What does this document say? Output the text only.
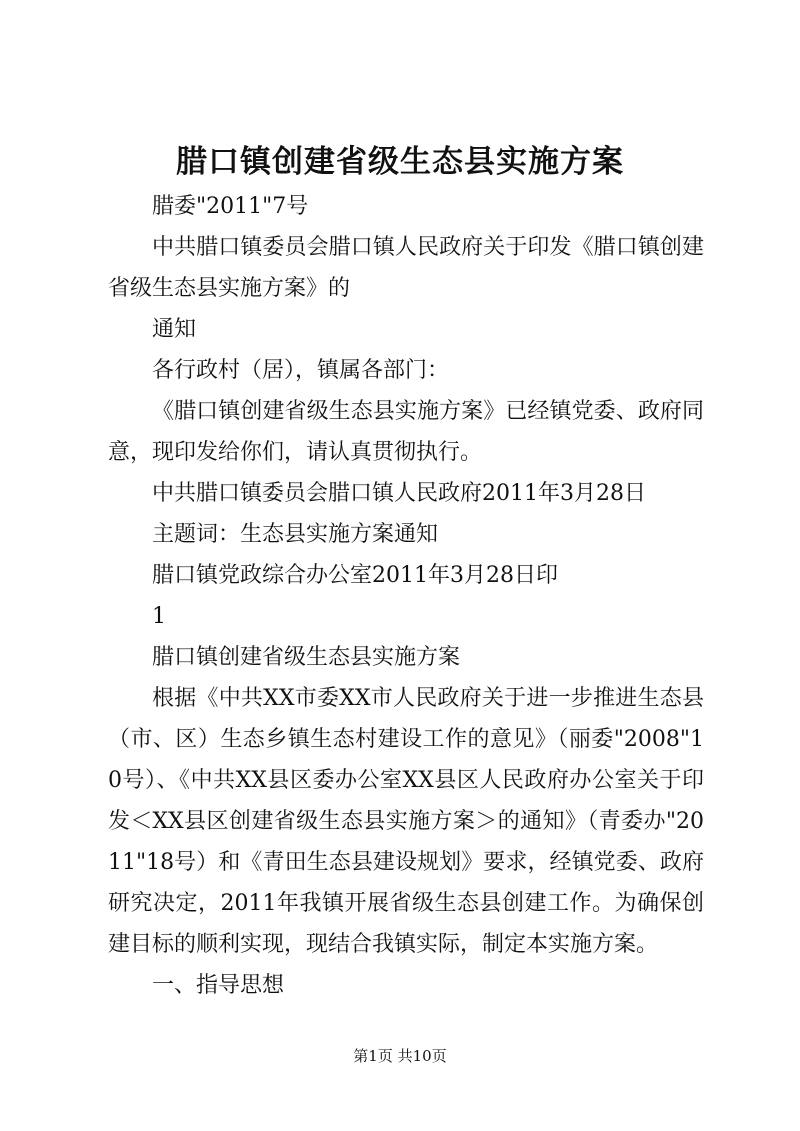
腊口镇创建省级生态县实施方案

腊委"2011"7号

中共腊口镇委员会腊口镇人民政府关于印发《腊口镇创建省级生态县实施方案》的

通知

各行政村（居），镇属各部门：

《腊口镇创建省级生态县实施方案》已经镇党委、政府同意，现印发给你们，请认真贯彻执行。

中共腊口镇委员会腊口镇人民政府2011年3月28日

主题词：生态县实施方案通知

腊口镇党政综合办公室2011年3月28日印

1

腊口镇创建省级生态县实施方案

根据《中共XX市委XX市人民政府关于进一步推进生态县（市、区）生态乡镇生态村建设工作的意见》（丽委"2008"10号）、《中共XX县区委办公室XX县区人民政府办公室关于印发＜XX县区创建省级生态县实施方案＞的通知》（青委办"2011"18号）和《青田生态县建设规划》要求，经镇党委、政府研究决定，2011年我镇开展省级生态县创建工作。为确保创建目标的顺利实现，现结合我镇实际，制定本实施方案。

一、指导思想

第1页 共10页
